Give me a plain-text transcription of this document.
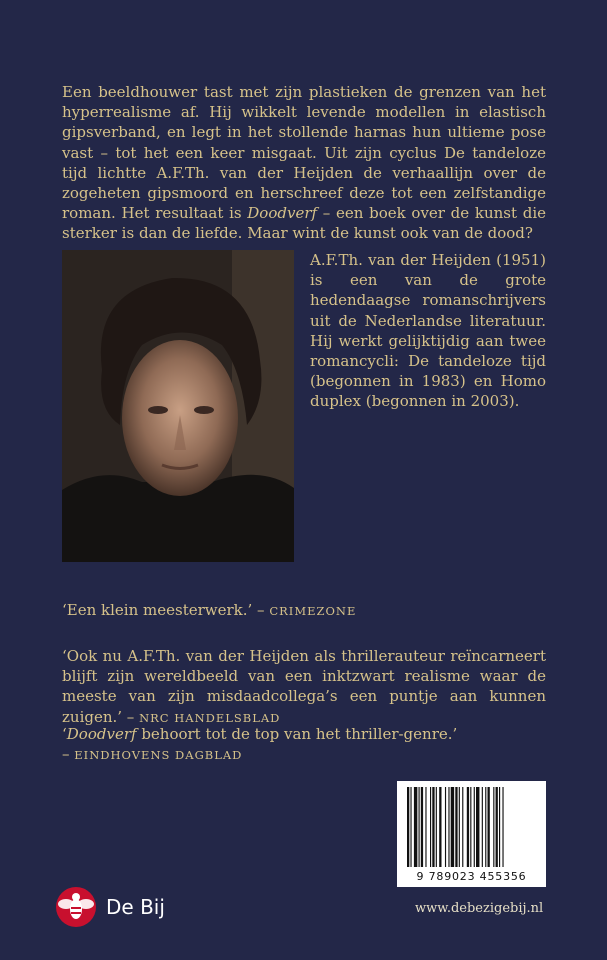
Een beeldhouwer tast met zijn plastieken de grenzen van het hyperrealisme af. Hij wikkelt levende modellen in elastisch gipsverband, en legt in het stollende harnas hun ultieme pose vast – tot het een keer misgaat. Uit zijn cyclus De tandeloze tijd lichtte A.F.Th. van der Heijden de verhaallijn over de zogeheten gipsmoord en herschreef deze tot een zelfstandige roman. Het resultaat is Doodverf – een boek over de kunst die sterker is dan de liefde. Maar wint de kunst ook van de dood?

A.F.Th. van der Heijden (1951) is een van de grote hedendaagse romanschrijvers uit de Nederlandse literatuur. Hij werkt gelijktijdig aan twee romancycli: De tandeloze tijd (begonnen in 1983) en Homo duplex (begonnen in 2003).

‘Een klein meesterwerk.’ – CRIMEZONE

‘Ook nu A.F.Th. van der Heijden als thrillerauteur reïncarneert blijft zijn wereldbeeld van een inktzwart realisme waar de meeste van zijn misdaadcollega’s een puntje aan kunnen zuigen.’ – NRC HANDELSBLAD

‘Doodverf behoort tot de top van het thriller-genre.’
– EINDHOVENS DAGBLAD

9 789023 455356
De Bij	www.debezigebij.nl
